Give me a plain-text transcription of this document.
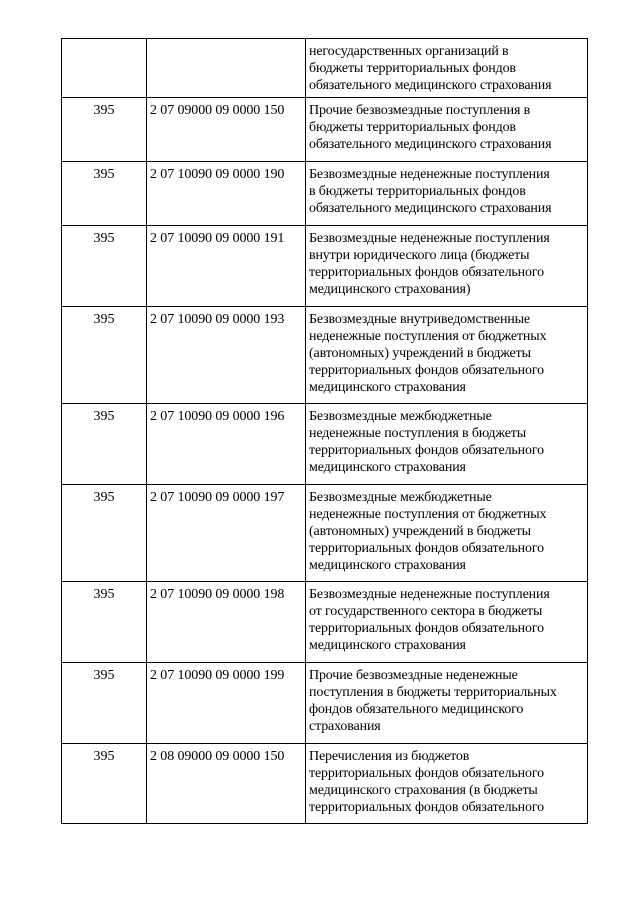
		негосударственных организаций в
бюджеты территориальных фондов
обязательного медицинского страхования

395	2 07 09000 09 0000 150	Прочие безвозмездные поступления в
бюджеты территориальных фондов
обязательного медицинского страхования

395	2 07 10090 09 0000 190	Безвозмездные неденежные поступления
в бюджеты территориальных фондов
обязательного медицинского страхования

395	2 07 10090 09 0000 191	Безвозмездные неденежные поступления
внутри юридического лица (бюджеты
территориальных фондов обязательного
медицинского страхования)

395	2 07 10090 09 0000 193	Безвозмездные внутриведомственные
неденежные поступления от бюджетных
(автономных) учреждений в бюджеты
территориальных фондов обязательного
медицинского страхования

395	2 07 10090 09 0000 196	Безвозмездные межбюджетные
неденежные поступления в бюджеты
территориальных фондов обязательного
медицинского страхования

395	2 07 10090 09 0000 197	Безвозмездные межбюджетные
неденежные поступления от бюджетных
(автономных) учреждений в бюджеты
территориальных фондов обязательного
медицинского страхования

395	2 07 10090 09 0000 198	Безвозмездные неденежные поступления
от государственного сектора в бюджеты
территориальных фондов обязательного
медицинского страхования

395	2 07 10090 09 0000 199	Прочие безвозмездные неденежные
поступления в бюджеты территориальных
фондов обязательного медицинского
страхования

395	2 08 09000 09 0000 150	Перечисления из бюджетов
территориальных фондов обязательного
медицинского страхования (в бюджеты
территориальных фондов обязательного
